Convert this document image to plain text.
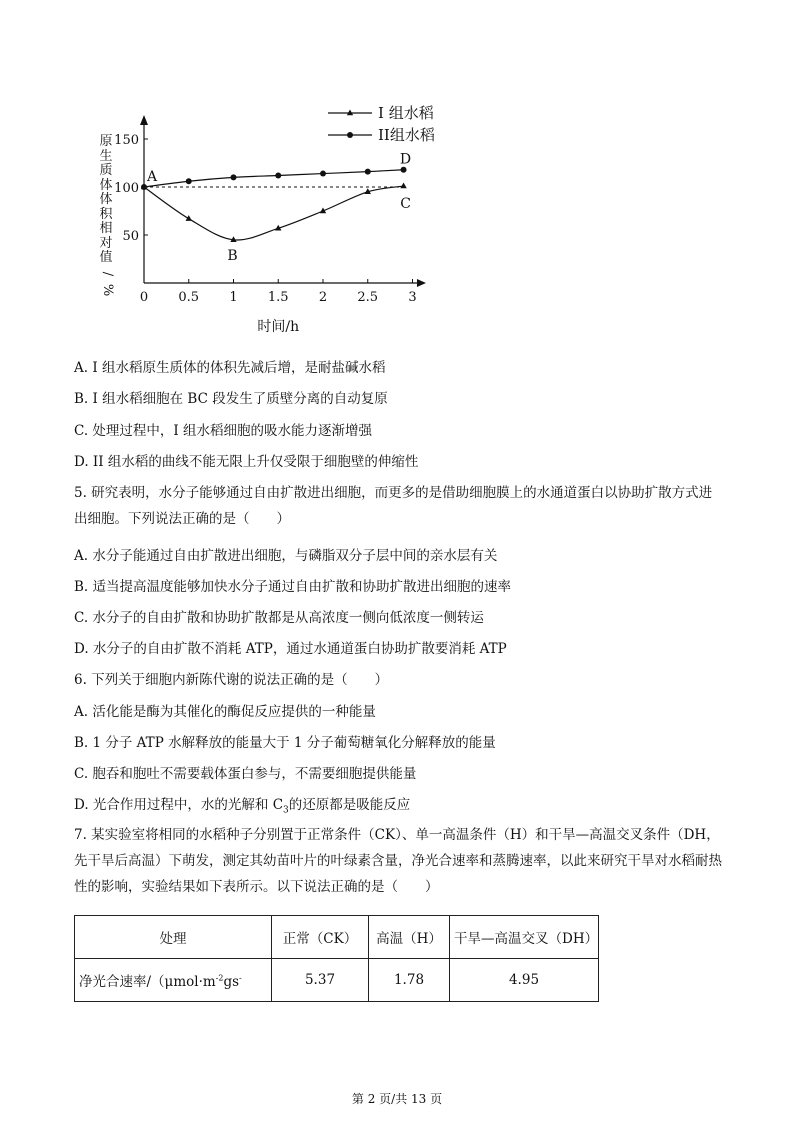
原
生
质
体
体
积
相
对
值
/
%
0 0.5 1 1.5 2 2.5 3
50
100
150
时间/h
I 组水稻
II组水稻
A
B
C
D
A. I 组水稻原生质体的体积先减后增，是耐盐碱水稻
B. I 组水稻细胞在 BC 段发生了质壁分离的自动复原
C. 处理过程中，I 组水稻细胞的吸水能力逐渐增强
D. II 组水稻的曲线不能无限上升仅受限于细胞壁的伸缩性
5. 研究表明，水分子能够通过自由扩散进出细胞，而更多的是借助细胞膜上的水通道蛋白以协助扩散方式进出细胞。下列说法正确的是（　　）
A. 水分子能通过自由扩散进出细胞，与磷脂双分子层中间的亲水层有关
B. 适当提高温度能够加快水分子通过自由扩散和协助扩散进出细胞的速率
C. 水分子的自由扩散和协助扩散都是从高浓度一侧向低浓度一侧转运
D. 水分子的自由扩散不消耗 ATP，通过水通道蛋白协助扩散要消耗 ATP
6. 下列关于细胞内新陈代谢的说法正确的是（　　）
A. 活化能是酶为其催化的酶促反应提供的一种能量
B. 1 分子 ATP 水解释放的能量大于 1 分子葡萄糖氧化分解释放的能量
C. 胞吞和胞吐不需要载体蛋白参与，不需要细胞提供能量
D. 光合作用过程中，水的光解和 $C_3$的还原都是吸能反应
7. 某实验室将相同的水稻种子分别置于正常条件（CK）、单一高温条件（H）和干旱—高温交叉条件（DH，先干旱后高温）下萌发，测定其幼苗叶片的叶绿素含量，净光合速率和蒸腾速率，以此来研究干旱对水稻耐热性的影响，实验结果如下表所示。以下说法正确的是（　　）
处理	正常（CK）	高温（H）	干旱—高温交叉（DH）
净光合速率$/(\mu mol\cdot m^{-2}gs^-$	5.37	1.78	4.95
第 2 页/共 13 页
